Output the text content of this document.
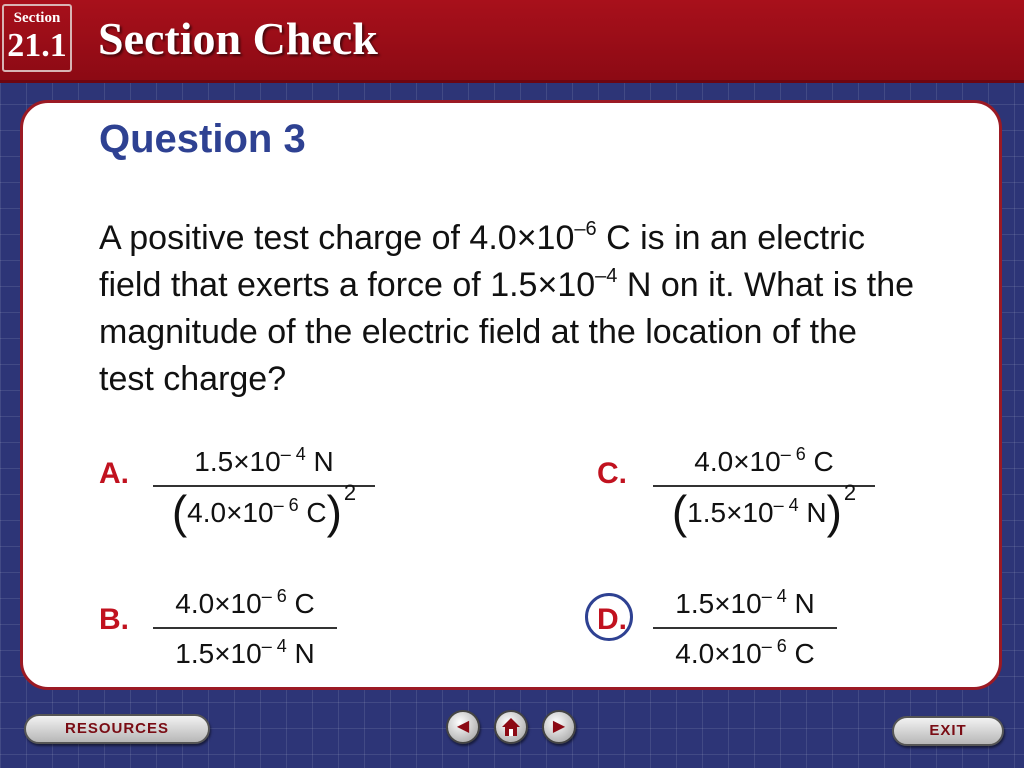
Section
21.1 Section Check
Question 3

A positive test charge of $4.0\times 10^{-6}$ C is in an electric field that exerts a force of $1.5\times 10^{-4}$ N on it. What is the magnitude of the electric field at the location of the test charge?

A.	$1.5\times 10^{- 4}$ N
($4.0\times 10^{- 6}$ C)$^2$
C.	$4.0\times 10^{- 6}$ C
($1.5\times 10^{- 4}$ N)$^2$
B.	$4.0\times 10^{- 6}$ C
$1.5\times 10^{- 4}$ N
D.	$1.5\times 10^{- 4}$ N
$4.0\times 10^{- 6}$ C
RESOURCES	◀	▶	EXIT
